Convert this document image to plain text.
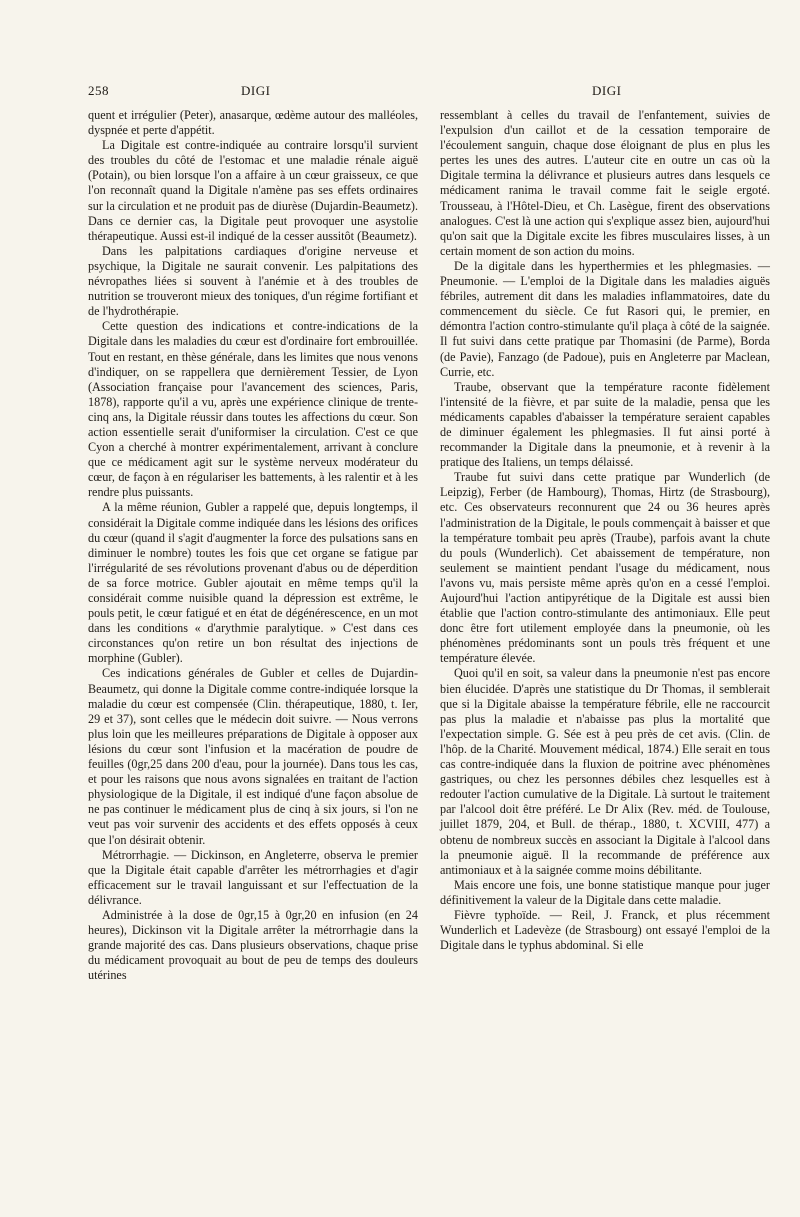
258	DIGI	DIGI

quent et irrégulier (Peter), anasarque, œdème autour des malléoles, dyspnée et perte d'appétit.

La Digitale est contre-indiquée au contraire lorsqu'il survient des troubles du côté de l'estomac et une maladie rénale aiguë (Potain), ou bien lorsque l'on a affaire à un cœur graisseux, ce que l'on reconnaît quand la Digitale n'amène pas ses effets ordinaires sur la circulation et ne produit pas de diurèse (Dujardin-Beaumetz). Dans ce dernier cas, la Digitale peut provoquer une asystolie thérapeutique. Aussi est-il indiqué de la cesser aussitôt (Beaumetz).

Dans les palpitations cardiaques d'origine nerveuse et psychique, la Digitale ne saurait convenir. Les palpitations des névropathes liées si souvent à l'anémie et à des troubles de nutrition se trouveront mieux des toniques, d'un régime fortifiant et de l'hydrothérapie.

Cette question des indications et contre-indications de la Digitale dans les maladies du cœur est d'ordinaire fort embrouillée. Tout en restant, en thèse générale, dans les limites que nous venons d'indiquer, on se rappellera que dernièrement Tessier, de Lyon (Association française pour l'avancement des sciences, Paris, 1878), rapporte qu'il a vu, après une expérience clinique de trente-cinq ans, la Digitale réussir dans toutes les affections du cœur. Son action essentielle serait d'uniformiser la circulation. C'est ce que Cyon a cherché à montrer expérimentalement, arrivant à conclure que ce médicament agit sur le système nerveux modérateur du cœur, de façon à en régulariser les battements, à les ralentir et à les rendre plus puissants.

A la même réunion, Gubler a rappelé que, depuis longtemps, il considérait la Digitale comme indiquée dans les lésions des orifices du cœur (quand il s'agit d'augmenter la force des pulsations sans en diminuer le nombre) toutes les fois que cet organe se fatigue par l'irrégularité de ses révolutions provenant d'abus ou de déperdition de sa force motrice. Gubler ajoutait en même temps qu'il la considérait comme nuisible quand la dépression est extrême, le pouls petit, le cœur fatigué et en état de dégénérescence, en un mot dans les conditions « d'arythmie paralytique. » C'est dans ces circonstances qu'on retire un bon résultat des injections de morphine (Gubler).

Ces indications générales de Gubler et celles de Dujardin-Beaumetz, qui donne la Digitale comme contre-indiquée lorsque la maladie du cœur est compensée (Clin. thérapeutique, 1880, t. Ier, 29 et 37), sont celles que le médecin doit suivre. — Nous verrons plus loin que les meilleures préparations de Digitale à opposer aux lésions du cœur sont l'infusion et la macération de poudre de feuilles (0gr,25 dans 200 d'eau, pour la journée). Dans tous les cas, et pour les raisons que nous avons signalées en traitant de l'action physiologique de la Digitale, il est indiqué d'une façon absolue de ne pas continuer le médicament plus de cinq à six jours, si l'on ne veut pas voir survenir des accidents et des effets opposés à ceux que l'on désirait obtenir.

Métrorrhagie. — Dickinson, en Angleterre, observa le premier que la Digitale était capable d'arrêter les métrorrhagies et d'agir efficacement sur le travail languissant et sur l'effectuation de la délivrance.

Administrée à la dose de 0gr,15 à 0gr,20 en infusion (en 24 heures), Dickinson vit la Digitale arrêter la métrorrhagie dans la grande majorité des cas. Dans plusieurs observations, chaque prise du médicament provoquait au bout de peu de temps des douleurs utérines

ressemblant à celles du travail de l'enfantement, suivies de l'expulsion d'un caillot et de la cessation temporaire de l'écoulement sanguin, chaque dose éloignant de plus en plus les pertes les unes des autres. L'auteur cite en outre un cas où la Digitale termina la délivrance et plusieurs autres dans lesquels ce médicament ranima le travail comme fait le seigle ergoté. Trousseau, à l'Hôtel-Dieu, et Ch. Lasègue, firent des observations analogues. C'est là une action qui s'explique assez bien, aujourd'hui qu'on sait que la Digitale excite les fibres musculaires lisses, à un certain moment de son action du moins.

De la digitale dans les hyperthermies et les phlegmasies. — Pneumonie. — L'emploi de la Digitale dans les maladies aiguës fébriles, autrement dit dans les maladies inflammatoires, date du commencement du siècle. Ce fut Rasori qui, le premier, en démontra l'action contro-stimulante qu'il plaça à côté de la saignée. Il fut suivi dans cette pratique par Thomasini (de Parme), Borda (de Pavie), Fanzago (de Padoue), puis en Angleterre par Maclean, Currie, etc.

Traube, observant que la température raconte fidèlement l'intensité de la fièvre, et par suite de la maladie, pensa que les médicaments capables d'abaisser la température seraient capables de diminuer également les phlegmasies. Il fut ainsi porté à recommander la Digitale dans la pneumonie, et à revenir à la pratique des Italiens, un temps délaissé.

Traube fut suivi dans cette pratique par Wunderlich (de Leipzig), Ferber (de Hambourg), Thomas, Hirtz (de Strasbourg), etc. Ces observateurs reconnurent que 24 ou 36 heures après l'administration de la Digitale, le pouls commençait à baisser et que la température tombait peu après (Traube), parfois avant la chute du pouls (Wunderlich). Cet abaissement de température, non seulement se maintient pendant l'usage du médicament, nous l'avons vu, mais persiste même après qu'on en a cessé l'emploi. Aujourd'hui l'action antipyrétique de la Digitale est aussi bien établie que l'action contro-stimulante des antimoniaux. Elle peut donc être fort utilement employée dans la pneumonie, où les phénomènes prédominants sont un pouls très fréquent et une température élevée.

Quoi qu'il en soit, sa valeur dans la pneumonie n'est pas encore bien élucidée. D'après une statistique du Dr Thomas, il semblerait que si la Digitale abaisse la température fébrile, elle ne raccourcit pas plus la maladie et n'abaisse pas plus la mortalité que l'expectation simple. G. Sée est à peu près de cet avis. (Clin. de l'hôp. de la Charité. Mouvement médical, 1874.) Elle serait en tous cas contre-indiquée dans la fluxion de poitrine avec phénomènes gastriques, ou chez les personnes débiles chez lesquelles est à redouter l'action cumulative de la Digitale. Là surtout le traitement par l'alcool doit être préféré. Le Dr Alix (Rev. méd. de Toulouse, juillet 1879, 204, et Bull. de thérap., 1880, t. XCVIII, 477) a obtenu de nombreux succès en associant la Digitale à l'alcool dans la pneumonie aiguë. Il la recommande de préférence aux antimoniaux et à la saignée comme moins débilitante.

Mais encore une fois, une bonne statistique manque pour juger définitivement la valeur de la Digitale dans cette maladie.

Fièvre typhoïde. — Reil, J. Franck, et plus récemment Wunderlich et Ladevèze (de Strasbourg) ont essayé l'emploi de la Digitale dans le typhus abdominal. Si elle
